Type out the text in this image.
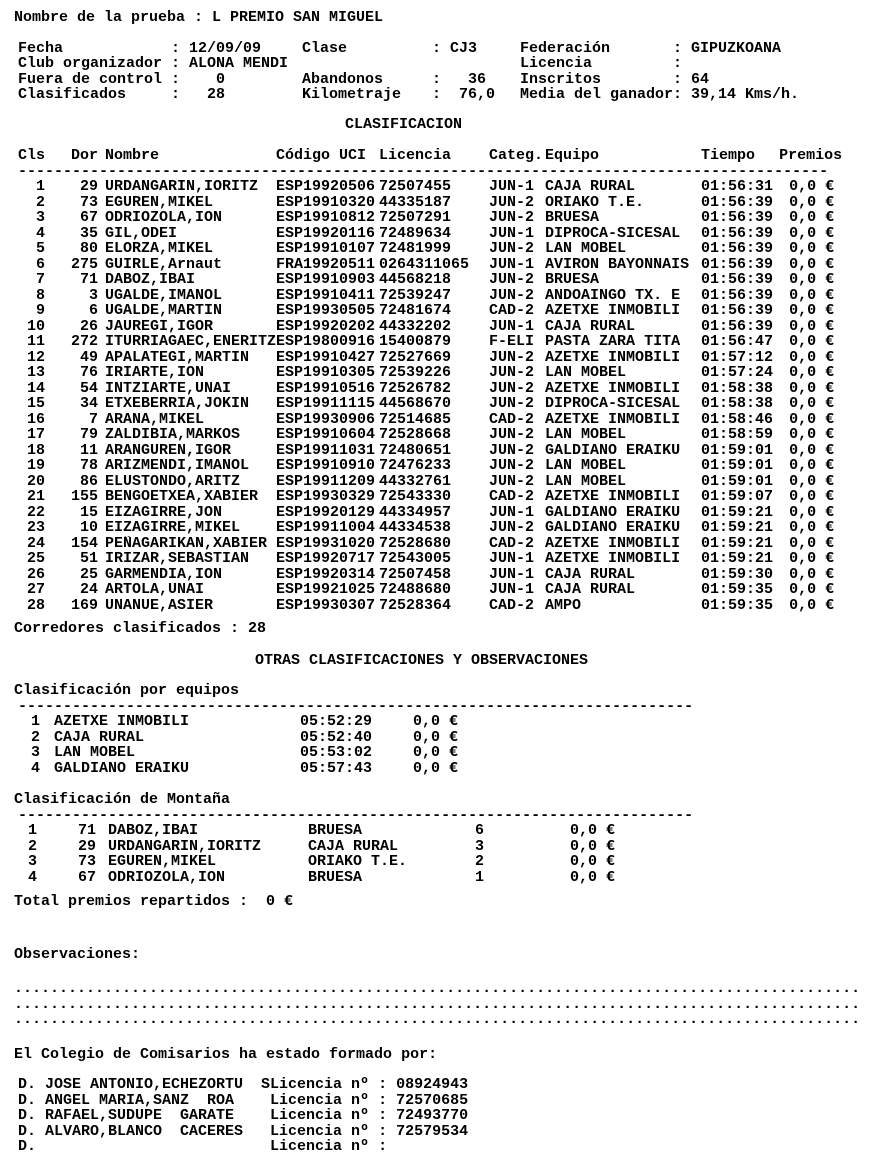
Nombre de la prueba : L PREMIO SAN MIGUEL
Fecha	: 12/09/09	Clase	: CJ3	Federación	: GIPUZKOANA
Club organizador	: ALONA MENDI			Licencia	:
Fuera de control	:    0	Abandonos	:   36	Inscritos	: 64
Clasificados	:   28	Kilometraje	:  76,0	Media del ganador	: 39,14 Kms/h.
CLASIFICACION
Cls	Dor	Nombre	Código UCI	Licencia	Categ.	Equipo	Tiempo	Premios
------------------------------------------------------------------------------------------								
1	29	URDANGARIN,IORITZ	ESP19920506	72507455	JUN-1	CAJA RURAL	01:56:31	0,0 €
2	73	EGUREN,MIKEL	ESP19910320	44335187	JUN-2	ORIAKO T.E.	01:56:39	0,0 €
3	67	ODRIOZOLA,ION	ESP19910812	72507291	JUN-2	BRUESA	01:56:39	0,0 €
4	35	GIL,ODEI	ESP19920116	72489634	JUN-1	DIPROCA-SICESAL	01:56:39	0,0 €
5	80	ELORZA,MIKEL	ESP19910107	72481999	JUN-2	LAN MOBEL	01:56:39	0,0 €
6	275	GUIRLE,Arnaut	FRA19920511	0264311065	JUN-1	AVIRON BAYONNAIS	01:56:39	0,0 €
7	71	DABOZ,IBAI	ESP19910903	44568218	JUN-2	BRUESA	01:56:39	0,0 €
8	3	UGALDE,IMANOL	ESP19910411	72539247	JUN-2	ANDOAINGO TX. E	01:56:39	0,0 €
9	6	UGALDE,MARTIN	ESP19930505	72481674	CAD-2	AZETXE INMOBILI	01:56:39	0,0 €
10	26	JAUREGI,IGOR	ESP19920202	44332202	JUN-1	CAJA RURAL	01:56:39	0,0 €
11	272	ITURRIAGAEC,ENERITZ	ESP19800916	15400879	F-ELI	PASTA ZARA TITA	01:56:47	0,0 €
12	49	APALATEGI,MARTIN	ESP19910427	72527669	JUN-2	AZETXE INMOBILI	01:57:12	0,0 €
13	76	IRIARTE,ION	ESP19910305	72539226	JUN-2	LAN MOBEL	01:57:24	0,0 €
14	54	INTZIARTE,UNAI	ESP19910516	72526782	JUN-2	AZETXE INMOBILI	01:58:38	0,0 €
15	34	ETXEBERRIA,JOKIN	ESP19911115	44568670	JUN-2	DIPROCA-SICESAL	01:58:38	0,0 €
16	7	ARANA,MIKEL	ESP19930906	72514685	CAD-2	AZETXE INMOBILI	01:58:46	0,0 €
17	79	ZALDIBIA,MARKOS	ESP19910604	72528668	JUN-2	LAN MOBEL	01:58:59	0,0 €
18	11	ARANGUREN,IGOR	ESP19911031	72480651	JUN-2	GALDIANO ERAIKU	01:59:01	0,0 €
19	78	ARIZMENDI,IMANOL	ESP19910910	72476233	JUN-2	LAN MOBEL	01:59:01	0,0 €
20	86	ELUSTONDO,ARITZ	ESP19911209	44332761	JUN-2	LAN MOBEL	01:59:01	0,0 €
21	155	BENGOETXEA,XABIER	ESP19930329	72543330	CAD-2	AZETXE INMOBILI	01:59:07	0,0 €
22	15	EIZAGIRRE,JON	ESP19920129	44334957	JUN-1	GALDIANO ERAIKU	01:59:21	0,0 €
23	10	EIZAGIRRE,MIKEL	ESP19911004	44334538	JUN-2	GALDIANO ERAIKU	01:59:21	0,0 €
24	154	PEÑAGARIKAN,XABIER	ESP19931020	72528680	CAD-2	AZETXE INMOBILI	01:59:21	0,0 €
25	51	IRIZAR,SEBASTIAN	ESP19920717	72543005	JUN-1	AZETXE INMOBILI	01:59:21	0,0 €
26	25	GARMENDIA,ION	ESP19920314	72507458	JUN-1	CAJA RURAL	01:59:30	0,0 €
27	24	ARTOLA,UNAI	ESP19921025	72488680	JUN-1	CAJA RURAL	01:59:35	0,0 €
28	169	UNANUE,ASIER	ESP19930307	72528364	CAD-2	AMPO	01:59:35	0,0 €
Corredores clasificados : 28
OTRAS CLASIFICACIONES Y OBSERVACIONES
Clasificación por equipos
---------------------------------------------------------------------------
1	AZETXE INMOBILI	05:52:29	0,0 €
2	CAJA RURAL	05:52:40	0,0 €
3	LAN MOBEL	05:53:02	0,0 €
4	GALDIANO ERAIKU	05:57:43	0,0 €
Clasificación de Montaña
---------------------------------------------------------------------------
1	71	DABOZ,IBAI	BRUESA	6	0,0 €
2	29	URDANGARIN,IORITZ	CAJA RURAL	3	0,0 €
3	73	EGUREN,MIKEL	ORIAKO T.E.	2	0,0 €
4	67	ODRIOZOLA,ION	BRUESA	1	0,0 €
Total premios repartidos :  0 €
Observaciones:
..............................................................................................
..............................................................................................
..............................................................................................
El Colegio de Comisarios ha estado formado por:
D. JOSE ANTONIO,ECHEZORTU  S	Licencia nº : 08924943
D. ANGEL MARIA,SANZ  ROA	Licencia nº : 72570685
D. RAFAEL,SUDUPE  GARATE	Licencia nº : 72493770
D. ALVARO,BLANCO  CACERES	Licencia nº : 72579534
D.	Licencia nº :
